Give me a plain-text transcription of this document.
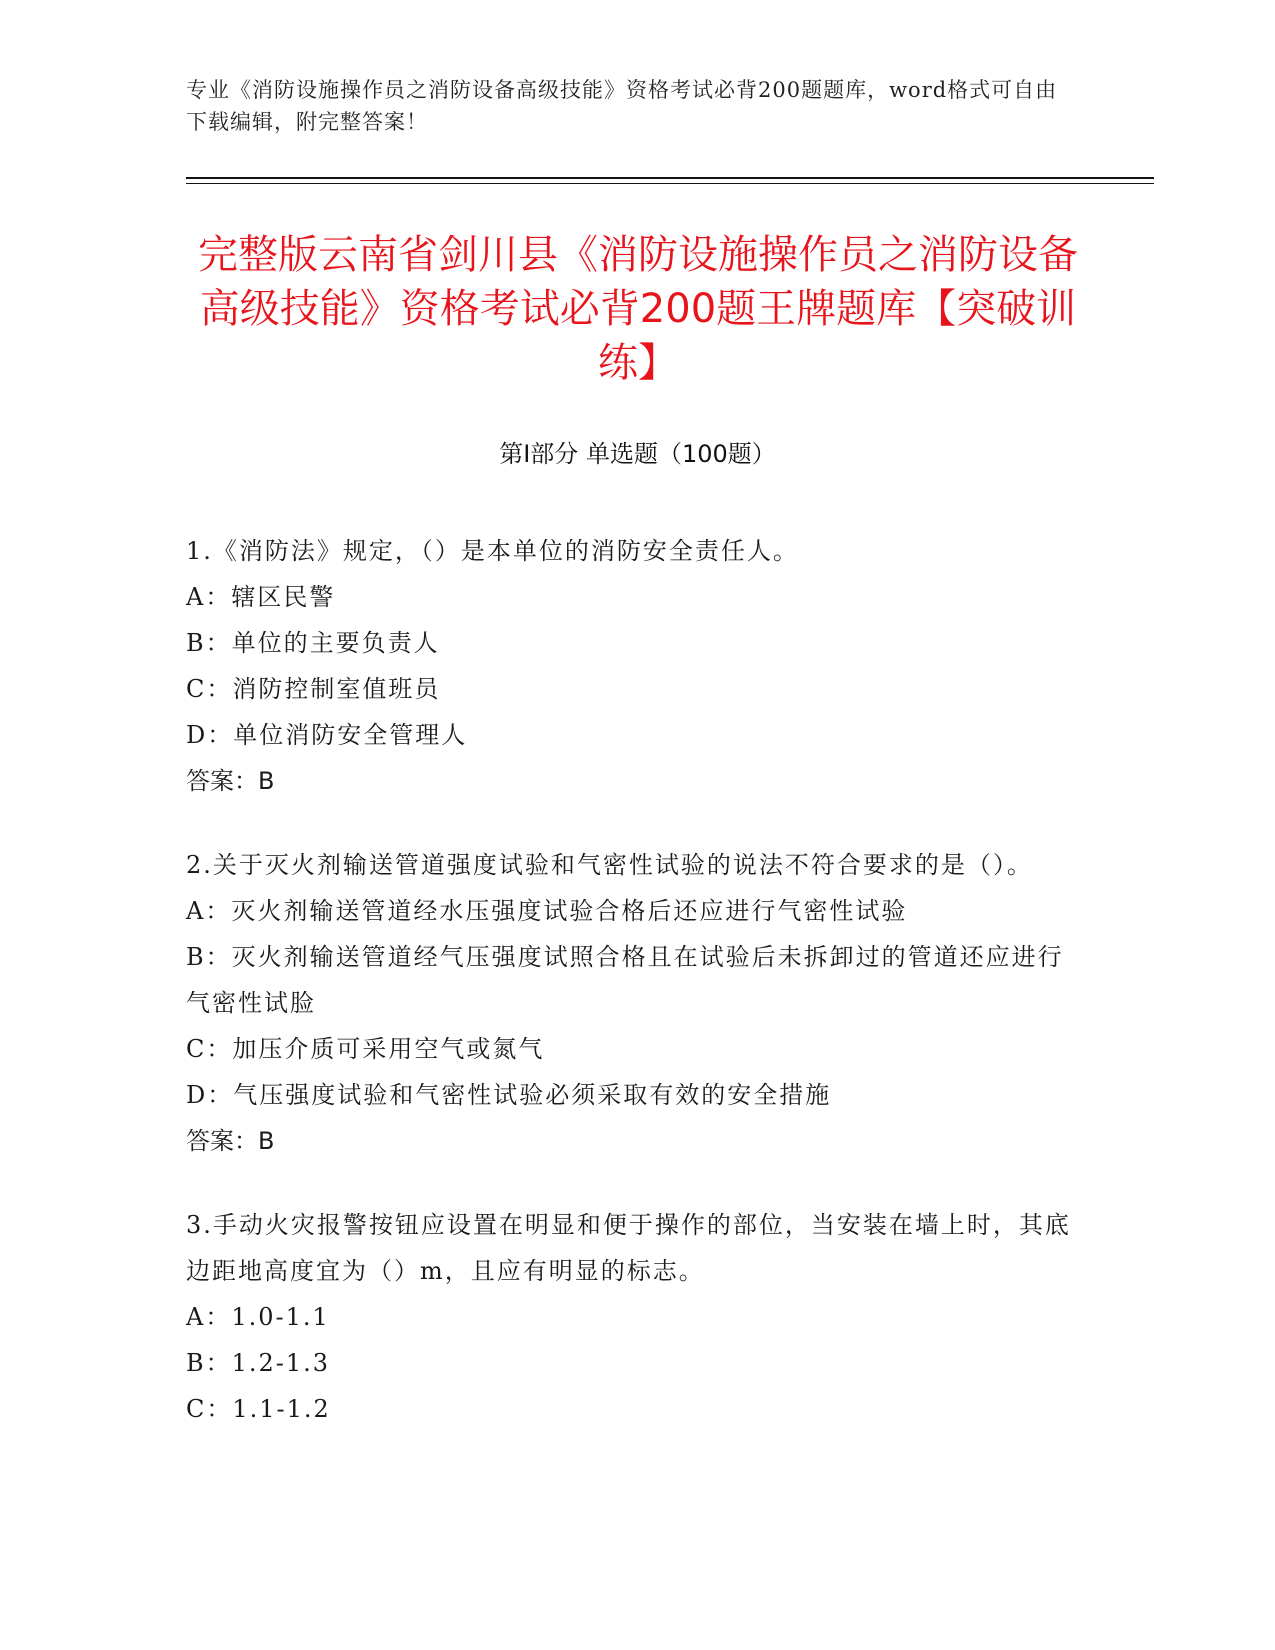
专业《消防设施操作员之消防设备高级技能》资格考试必背200题题库，word格式可自由下载编辑，附完整答案！
完整版云南省剑川县《消防设施操作员之消防设备高级技能》资格考试必背200题王牌题库【突破训练】
第I部分 单选题（100题）
1.《消防法》规定，（）是本单位的消防安全责任人。
A：辖区民警
B：单位的主要负责人
C：消防控制室值班员
D：单位消防安全管理人
答案：B
2.关于灭火剂输送管道强度试验和气密性试验的说法不符合要求的是（）。
A：灭火剂输送管道经水压强度试验合格后还应进行气密性试验
B：灭火剂输送管道经气压强度试照合格且在试验后未拆卸过的管道还应进行气密性试脸
C：加压介质可采用空气或氮气
D：气压强度试验和气密性试验必须采取有效的安全措施
答案：B
3.手动火灾报警按钮应设置在明显和便于操作的部位，当安装在墙上时，其底边距地高度宜为（）m，且应有明显的标志。
A：1.0-1.1
B：1.2-1.3
C：1.1-1.2
